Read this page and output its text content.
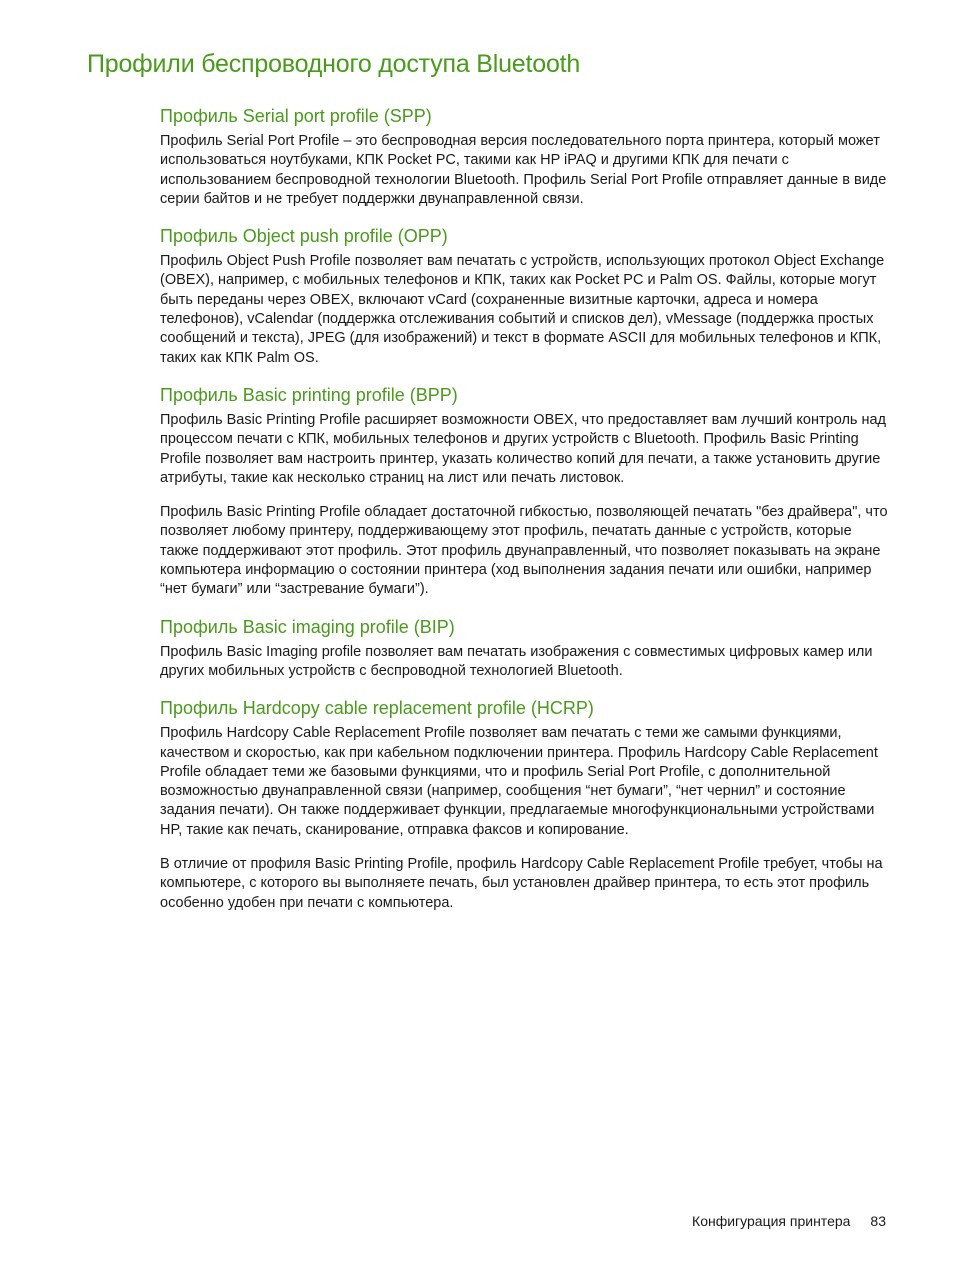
Профили беспроводного доступа Bluetooth
Профиль Serial port profile (SPP)

Профиль Serial Port Profile – это беспроводная версия последовательного порта принтера, который может использоваться ноутбуками, КПК Pocket PC, такими как HP iPAQ и другими КПК для печати с использованием беспроводной технологии Bluetooth. Профиль Serial Port Profile отправляет данные в виде серии байтов и не требует поддержки двунаправленной связи.

Профиль Object push profile (OPP)

Профиль Object Push Profile позволяет вам печатать с устройств, использующих протокол Object Exchange (OBEX), например, с мобильных телефонов и КПК, таких как Pocket PC и Palm OS. Файлы, которые могут быть переданы через OBEX, включают vCard (сохраненные визитные карточки, адреса и номера телефонов), vCalendar (поддержка отслеживания событий и списков дел), vMessage (поддержка простых сообщений и текста), JPEG (для изображений) и текст в формате ASCII для мобильных телефонов и КПК, таких как КПК Palm OS.

Профиль Basic printing profile (BPP)

Профиль Basic Printing Profile расширяет возможности OBEX, что предоставляет вам лучший контроль над процессом печати с КПК, мобильных телефонов и других устройств с Bluetooth. Профиль Basic Printing Profile позволяет вам настроить принтер, указать количество копий для печати, а также установить другие атрибуты, такие как несколько страниц на лист или печать листовок.

Профиль Basic Printing Profile обладает достаточной гибкостью, позволяющей печатать "без драйвера", что позволяет любому принтеру, поддерживающему этот профиль, печатать данные с устройств, которые также поддерживают этот профиль. Этот профиль двунаправленный, что позволяет показывать на экране компьютера информацию о состоянии принтера (ход выполнения задания печати или ошибки, например “нет бумаги” или “застревание бумаги”).

Профиль Basic imaging profile (BIP)

Профиль Basic Imaging profile позволяет вам печатать изображения с совместимых цифровых камер или других мобильных устройств с беспроводной технологией Bluetooth.

Профиль Hardcopy cable replacement profile (HCRP)

Профиль Hardcopy Cable Replacement Profile позволяет вам печатать с теми же самыми функциями, качеством и скоростью, как при кабельном подключении принтера. Профиль Hardcopy Cable Replacement Profile обладает теми же базовыми функциями, что и профиль Serial Port Profile, с дополнительной возможностью двунаправленной связи (например, сообщения “нет бумаги”, “нет чернил” и состояние задания печати). Он также поддерживает функции, предлагаемые многофункциональными устройствами HP, такие как печать, сканирование, отправка факсов и копирование.

В отличие от профиля Basic Printing Profile, профиль Hardcopy Cable Replacement Profile требует, чтобы на компьютере, с которого вы выполняете печать, был установлен драйвер принтера, то есть этот профиль особенно удобен при печати с компьютера.

Конфигурация принтера 83
